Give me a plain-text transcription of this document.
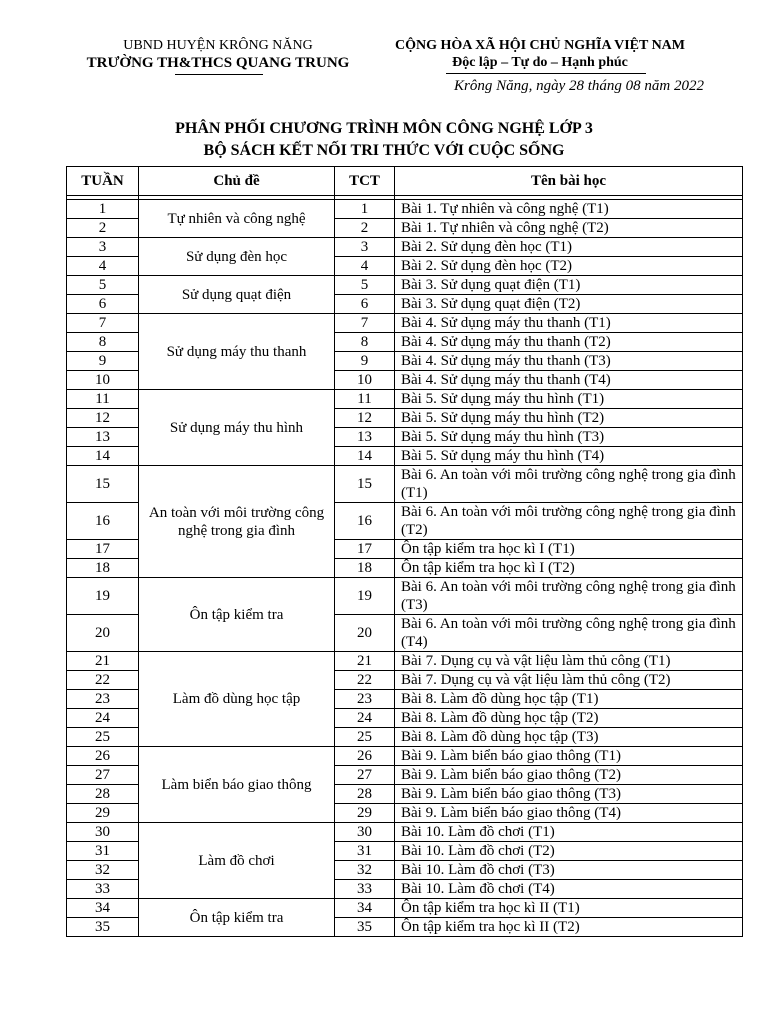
UBND HUYỆN KRÔNG NĂNG
TRƯỜNG TH&THCS QUANG TRUNG
CỘNG HÒA XÃ HỘI CHỦ NGHĨA VIỆT NAM
Độc lập – Tự do – Hạnh phúc
Krông Năng, ngày 28 tháng 08 năm 2022
PHÂN PHỐI CHƯƠNG TRÌNH MÔN CÔNG NGHỆ LỚP 3
BỘ SÁCH KẾT NỐI TRI THỨC VỚI CUỘC SỐNG
TUẦN	Chủ đề	TCT	Tên bài học

1	Tự nhiên và công nghệ	1	Bài 1. Tự nhiên và công nghệ (T1)
2		2	Bài 1. Tự nhiên và công nghệ (T2)
3	Sử dụng đèn học	3	Bài 2. Sử dụng đèn học (T1)
4		4	Bài 2. Sử dụng đèn học (T2)
5	Sử dụng quạt điện	5	Bài 3. Sử dụng quạt điện (T1)
6		6	Bài 3. Sử dụng quạt điện (T2)
7	Sử dụng máy thu thanh	7	Bài 4. Sử dụng máy thu thanh (T1)
8		8	Bài 4. Sử dụng máy thu thanh (T2)
9		9	Bài 4. Sử dụng máy thu thanh (T3)
10		10	Bài 4. Sử dụng máy thu thanh (T4)
11	Sử dụng máy thu hình	11	Bài 5. Sử dụng máy thu hình (T1)
12		12	Bài 5. Sử dụng máy thu hình (T2)
13		13	Bài 5. Sử dụng máy thu hình (T3)
14		14	Bài 5. Sử dụng máy thu hình (T4)
15	An toàn với môi trường công nghệ trong gia đình	15	Bài 6. An toàn với môi trường công nghệ trong gia đình (T1)
16		16	Bài 6. An toàn với môi trường công nghệ trong gia đình (T2)
17		17	Ôn tập kiểm tra học kì I (T1)
18		18	Ôn tập kiểm tra học kì I (T2)
19	Ôn tập kiểm tra	19	Bài 6. An toàn với môi trường công nghệ trong gia đình (T3)
20		20	Bài 6. An toàn với môi trường công nghệ trong gia đình (T4)
21	Làm đồ dùng học tập	21	Bài 7. Dụng cụ và vật liệu làm thủ công (T1)
22		22	Bài 7. Dụng cụ và vật liệu làm thủ công (T2)
23		23	Bài 8. Làm đồ dùng học tập (T1)
24		24	Bài 8. Làm đồ dùng học tập (T2)
25		25	Bài 8. Làm đồ dùng học tập (T3)
26	Làm biển báo giao thông	26	Bài 9. Làm biển báo giao thông (T1)
27		27	Bài 9. Làm biển báo giao thông (T2)
28		28	Bài 9. Làm biển báo giao thông (T3)
29		29	Bài 9. Làm biển báo giao thông (T4)
30	Làm đồ chơi	30	Bài 10. Làm đồ chơi (T1)
31		31	Bài 10. Làm đồ chơi (T2)
32		32	Bài 10. Làm đồ chơi (T3)
33		33	Bài 10. Làm đồ chơi (T4)
34	Ôn tập kiểm tra	34	Ôn tập kiểm tra học kì II (T1)
35		35	Ôn tập kiểm tra học kì II (T2)
